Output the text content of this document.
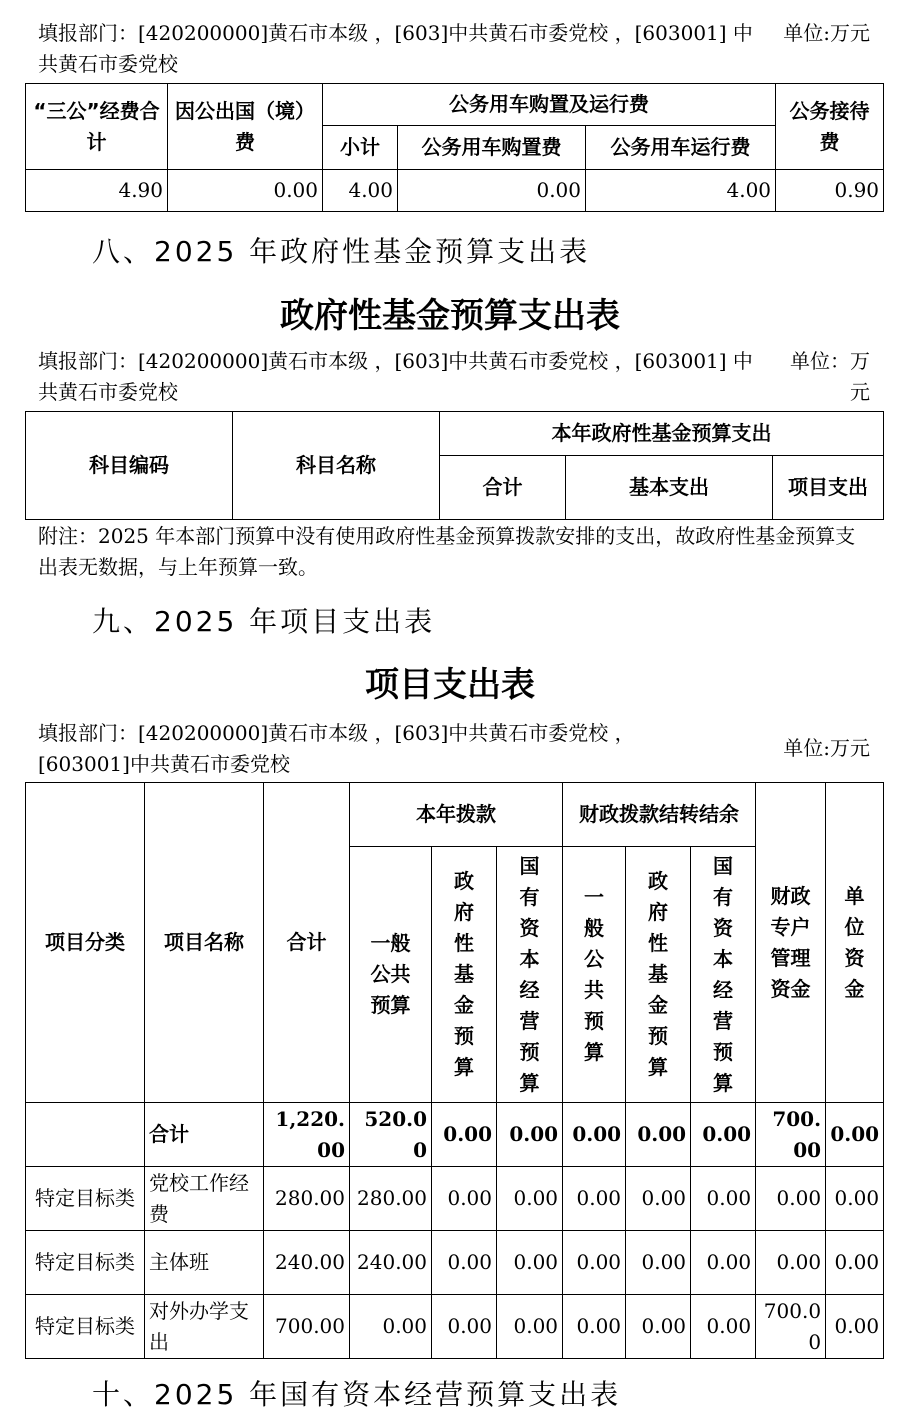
填报部门：[420200000]黄石市本级 ，[603]中共黄石市委党校 ，[603001] 中共黄石市委党校
单位:万元
“三公”经费合计	因公出国（境）费	公务用车购置及运行费			公务接待费
		小计	公务用车购置费	公务用车运行费	
4.90	0.00	4.00	0.00	4.00	0.90
八、2025 年政府性基金预算支出表
政府性基金预算支出表
填报部门：[420200000]黄石市本级 ，[603]中共黄石市委党校 ，[603001] 中共黄石市委党校
单位：万元
科目编码	科目名称	本年政府性基金预算支出		
		合计	基本支出	项目支出
附注：2025 年本部门预算中没有使用政府性基金预算拨款安排的支出，故政府性基金预算支出表无数据，与上年预算一致。
九、2025 年项目支出表
项目支出表
填报部门：[420200000]黄石市本级 ，[603]中共黄石市委党校 ，[603001]中共黄石市委党校
单位:万元
项目分类	项目名称	合计	本年拨款			财政拨款结转结余			财政专户管理资金	单位资金

			一般公共预算	政府性基金预算	国有资本经营预算	一般公共预算	政府性基金预算	国有资本经营预算		

	合计	1,220.00	520.00	0.00	0.00	0.00	0.00	0.00	700.00	0.00
特定目标类	党校工作经费	280.00	280.00	0.00	0.00	0.00	0.00	0.00	0.00	0.00
特定目标类	主体班	240.00	240.00	0.00	0.00	0.00	0.00	0.00	0.00	0.00
特定目标类	对外办学支出	700.00	0.00	0.00	0.00	0.00	0.00	0.00	700.00	0.00
十、2025 年国有资本经营预算支出表
